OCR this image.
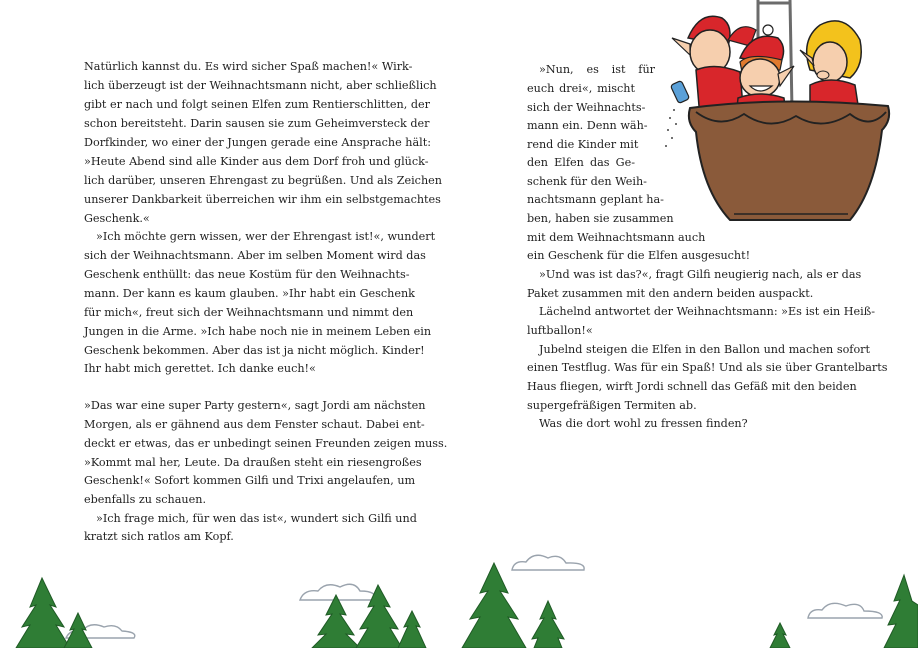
Natürlich kannst du. Es wird sicher Spaß machen!« Wirk-
lich überzeugt ist der Weihnachtsmann nicht, aber schließlich
gibt er nach und folgt seinen Elfen zum Rentierschlitten, der
schon bereitsteht. Darin sausen sie zum Geheimversteck der
Dorfkinder, wo einer der Jungen gerade eine Ansprache hält:
»Heute Abend sind alle Kinder aus dem Dorf froh und glück-
lich darüber, unseren Ehrengast zu begrüßen. Und als Zeichen
unserer Dankbarkeit überreichen wir ihm ein selbstgemachtes
Geschenk.«
»Ich möchte gern wissen, wer der Ehrengast ist!«, wundert
sich der Weihnachtsmann. Aber im selben Moment wird das
Geschenk enthüllt: das neue Kostüm für den Weihnachts-
mann. Der kann es kaum glauben. »Ihr habt ein Geschenk
für mich«, freut sich der Weihnachtsmann und nimmt den
Jungen in die Arme. »Ich habe noch nie in meinem Leben ein
Geschenk bekommen. Aber das ist ja nicht möglich. Kinder!
Ihr habt mich gerettet. Ich danke euch!«
»Das war eine super Party gestern«, sagt Jordi am nächsten
Morgen, als er gähnend aus dem Fenster schaut. Dabei ent-
deckt er etwas, das er unbedingt seinen Freunden zeigen muss.
»Kommt mal her, Leute. Da draußen steht ein riesengroßes
Geschenk!« Sofort kommen Gilfi und Trixi angelaufen, um
ebenfalls zu schauen.
»Ich frage mich, für wen das ist«, wundert sich Gilfi und
kratzt sich ratlos am Kopf.
»Nun, es ist für
euch drei«, mischt
sich der Weihnachts-
mann ein. Denn wäh-
rend die Kinder mit
den Elfen das Ge-
schenk für den Weih-
nachtsmann geplant ha-
ben, haben sie zusammen
mit dem Weihnachtsmann auch
ein Geschenk für die Elfen ausgesucht!
»Und was ist das?«, fragt Gilfi neugierig nach, als er das
Paket zusammen mit den andern beiden auspackt.
Lächelnd antwortet der Weihnachtsmann: »Es ist ein Heiß-
luftballon!«
Jubelnd steigen die Elfen in den Ballon und machen sofort
einen Testflug. Was für ein Spaß! Und als sie über Grantelbarts
Haus fliegen, wirft Jordi schnell das Gefäß mit den beiden
supergefräßigen Termiten ab.
Was die dort wohl zu fressen finden?
